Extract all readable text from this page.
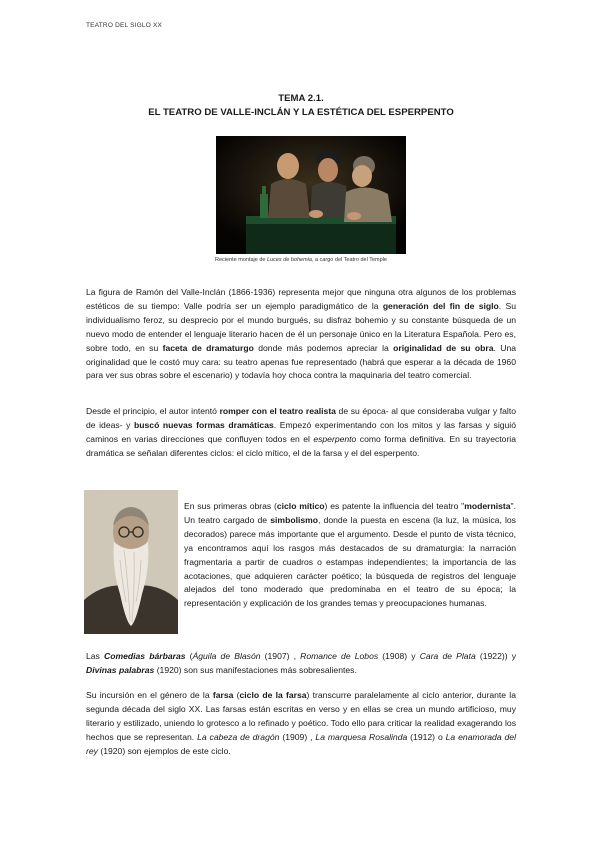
TEATRO DEL SIGLO XX
TEMA 2.1.
EL TEATRO DE VALLE-INCLÁN Y LA ESTÉTICA DEL ESPERPENTO
Reciente montaje de Luces de bohemia, a cargo del Teatro del Temple

La figura de Ramón del Valle-Inclán (1866-1936) representa mejor que ninguna otra algunos de los problemas estéticos de su tiempo: Valle podría ser un ejemplo paradigmático de la generación del fin de siglo. Su individualismo feroz, su desprecio por el mundo burgués, su disfraz bohemio y su constante búsqueda de un nuevo modo de entender el lenguaje literario hacen de él un personaje único en la Literatura Española. Pero es, sobre todo, en su faceta de dramaturgo donde más podemos apreciar la originalidad de su obra. Una originalidad que le costó muy cara: su teatro apenas fue representado (habrá que esperar a la década de 1960 para ver sus obras sobre el escenario) y todavía hoy choca contra la maquinaria del teatro comercial.

Desde el principio, el autor intentó romper con el teatro realista de su época- al que consideraba vulgar y falto de ideas- y buscó nuevas formas dramáticas. Empezó experimentando con los mitos y las farsas y siguió caminos en varias direcciones que confluyen todos en el esperpento como forma definitiva. En su trayectoria dramática se señalan diferentes ciclos: el ciclo mítico, el de la farsa y el del esperpento.

En sus primeras obras (ciclo mítico) es patente la influencia del teatro "modernista". Un teatro cargado de simbolismo, donde la puesta en escena (la luz, la música, los decorados) parece más importante que el argumento. Desde el punto de vista técnico, ya encontramos aquí los rasgos más destacados de su dramaturgia: la narración fragmentaria a partir de cuadros o estampas independientes; la importancia de las acotaciones, que adquieren carácter poético; la búsqueda de registros del lenguaje alejados del tono moderado que predominaba en el teatro de su época; la representación y explicación de los grandes temas y preocupaciones humanas.

Las Comedias bárbaras (Águila de Blasón (1907) , Romance de Lobos (1908) y Cara de Plata (1922)) y Divinas palabras (1920) son sus manifestaciones más sobresalientes.

Su incursión en el género de la farsa (ciclo de la farsa) transcurre paralelamente al ciclo anterior, durante la segunda década del siglo XX. Las farsas están escritas en verso y en ellas se crea un mundo artificioso, muy literario y estilizado, uniendo lo grotesco a lo refinado y poético. Todo ello para criticar la realidad exagerando los hechos que se representan. La cabeza de dragón (1909) , La marquesa Rosalinda (1912) o La enamorada del rey (1920) son ejemplos de este ciclo.
